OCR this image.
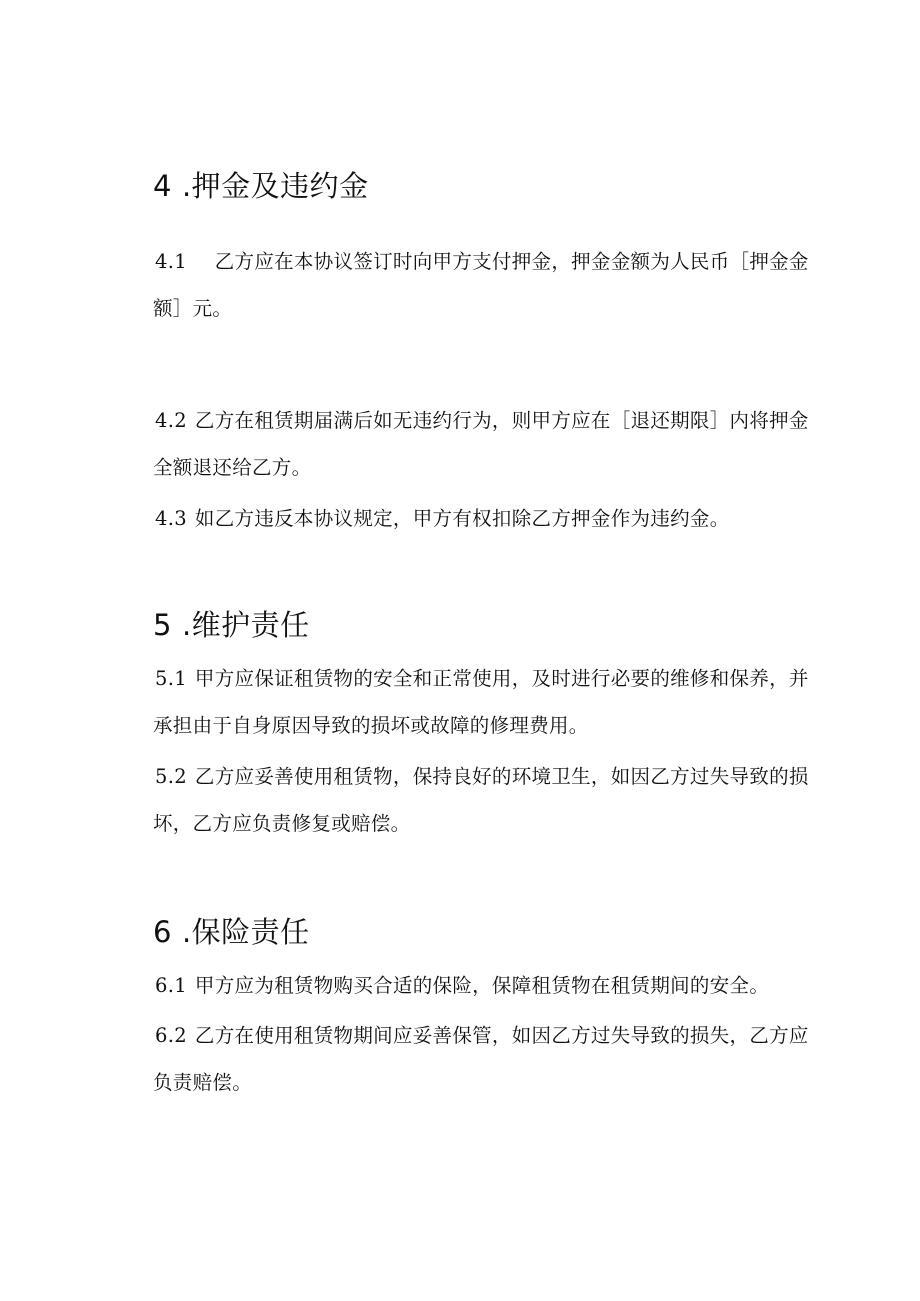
4 .押金及违约金
4.1　乙方应在本协议签订时向甲方支付押金，押金金额为人民币［押金金
额］元。
4.2 乙方在租赁期届满后如无违约行为，则甲方应在［退还期限］内将押金
全额退还给乙方。
4.3 如乙方违反本协议规定，甲方有权扣除乙方押金作为违约金。
5 .维护责任
5.1 甲方应保证租赁物的安全和正常使用，及时进行必要的维修和保养，并
承担由于自身原因导致的损坏或故障的修理费用。
5.2 乙方应妥善使用租赁物，保持良好的环境卫生，如因乙方过失导致的损
坏，乙方应负责修复或赔偿。
6 .保险责任
6.1 甲方应为租赁物购买合适的保险，保障租赁物在租赁期间的安全。
6.2 乙方在使用租赁物期间应妥善保管，如因乙方过失导致的损失，乙方应
负责赔偿。
